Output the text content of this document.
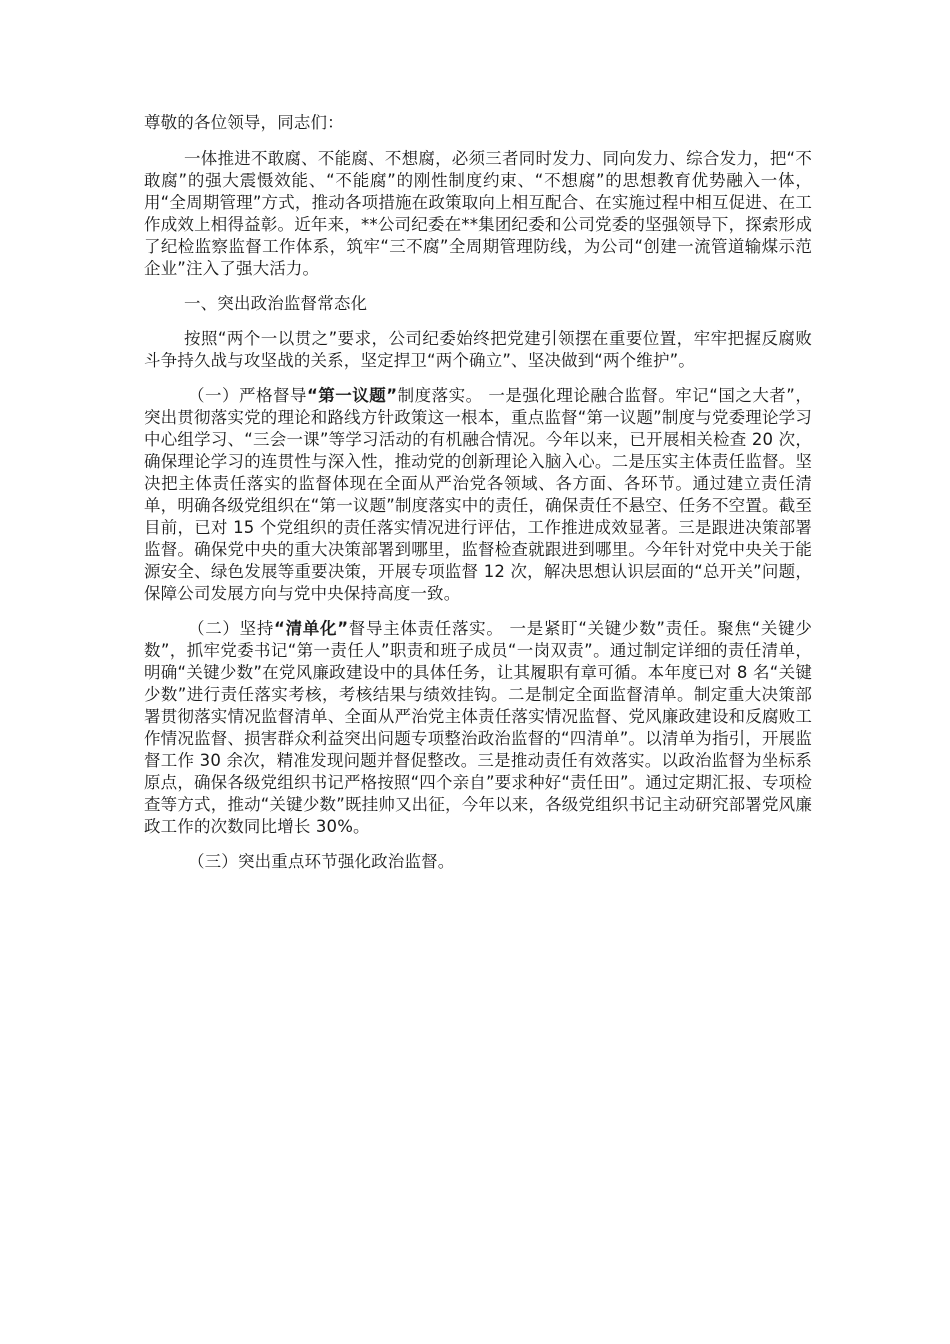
尊敬的各位领导，同志们：

一体推进不敢腐、不能腐、不想腐，必须三者同时发力、同向发力、综合发力，把“不敢腐”的强大震慑效能、“不能腐”的刚性制度约束、“不想腐”的思想教育优势融入一体，用“全周期管理”方式，推动各项措施在政策取向上相互配合、在实施过程中相互促进、在工作成效上相得益彰。近年来，**公司纪委在**集团纪委和公司党委的坚强领导下，探索形成了纪检监察监督工作体系，筑牢“三不腐”全周期管理防线，为公司“创建一流管道输煤示范企业”注入了强大活力。

一、突出政治监督常态化

按照“两个一以贯之”要求，公司纪委始终把党建引领摆在重要位置，牢牢把握反腐败斗争持久战与攻坚战的关系，坚定捍卫“两个确立”、坚决做到“两个维护”。

（一）严格督导“第一议题”制度落实。 一是强化理论融合监督。牢记“国之大者”，突出贯彻落实党的理论和路线方针政策这一根本，重点监督“第一议题”制度与党委理论学习中心组学习、“三会一课”等学习活动的有机融合情况。今年以来，已开展相关检查 20 次，确保理论学习的连贯性与深入性，推动党的创新理论入脑入心。二是压实主体责任监督。坚决把主体责任落实的监督体现在全面从严治党各领域、各方面、各环节。通过建立责任清单，明确各级党组织在“第一议题”制度落实中的责任，确保责任不悬空、任务不空置。截至目前，已对 15 个党组织的责任落实情况进行评估，工作推进成效显著。三是跟进决策部署监督。确保党中央的重大决策部署到哪里，监督检查就跟进到哪里。今年针对党中央关于能源安全、绿色发展等重要决策，开展专项监督 12 次，解决思想认识层面的“总开关”问题，保障公司发展方向与党中央保持高度一致。

（二）坚持“清单化”督导主体责任落实。 一是紧盯“关键少数”责任。聚焦“关键少数”，抓牢党委书记“第一责任人”职责和班子成员“一岗双责”。通过制定详细的责任清单，明确“关键少数”在党风廉政建设中的具体任务，让其履职有章可循。本年度已对 8 名“关键少数”进行责任落实考核，考核结果与绩效挂钩。二是制定全面监督清单。制定重大决策部署贯彻落实情况监督清单、全面从严治党主体责任落实情况监督、党风廉政建设和反腐败工作情况监督、损害群众利益突出问题专项整治政治监督的“四清单”。以清单为指引，开展监督工作 30 余次，精准发现问题并督促整改。三是推动责任有效落实。以政治监督为坐标系原点，确保各级党组织书记严格按照“四个亲自”要求种好“责任田”。通过定期汇报、专项检查等方式，推动“关键少数”既挂帅又出征，今年以来，各级党组织书记主动研究部署党风廉政工作的次数同比增长 30%。

（三）突出重点环节强化政治监督。
